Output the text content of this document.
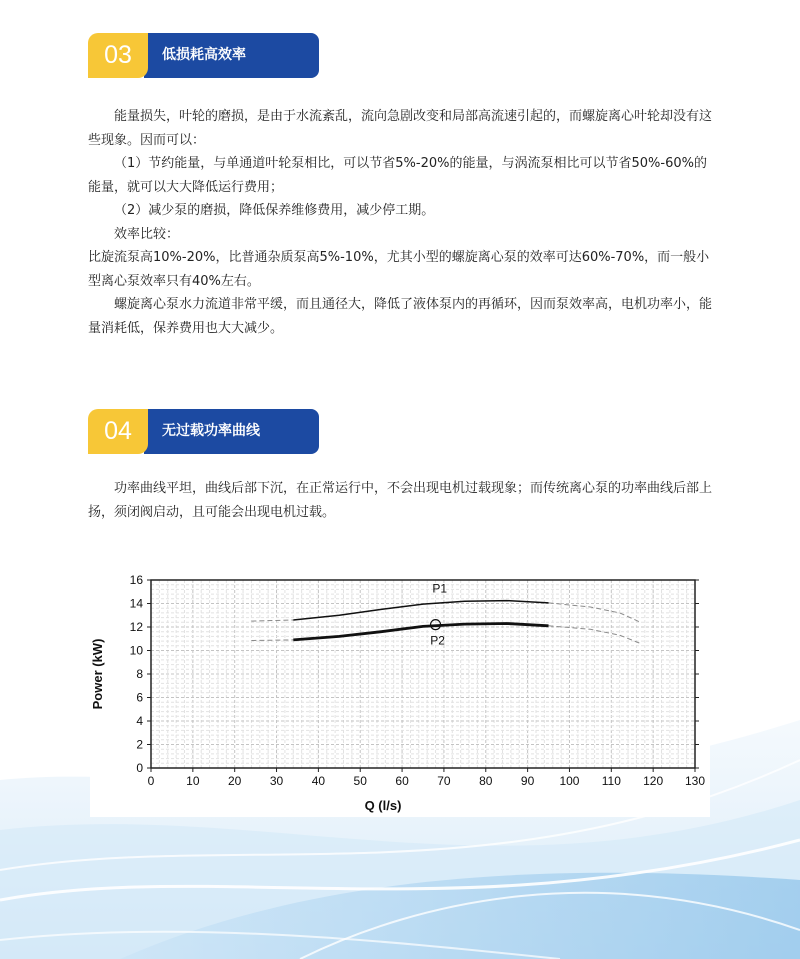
03	低损耗高效率

能量损失，叶轮的磨损，是由于水流紊乱，流向急剧改变和局部高流速引起的，而螺旋离心叶轮却没有这些现象。因而可以：

（1）节约能量，与单通道叶轮泵相比，可以节省5%-20%的能量，与涡流泵相比可以节省50%-60%的能量，就可以大大降低运行费用；

（2）减少泵的磨损，降低保养维修费用，减少停工期。

效率比较：

比旋流泵高10%-20%，比普通杂质泵高5%-10%，尤其小型的螺旋离心泵的效率可达60%-70%，而一般小型离心泵效率只有40%左右。

螺旋离心泵水力流道非常平缓，而且通径大，降低了液体泵内的再循环，因而泵效率高，电机功率小，能量消耗低，保养费用也大大减少。

04	无过载功率曲线

功率曲线平坦，曲线后部下沉，在正常运行中，不会出现电机过载现象；而传统离心泵的功率曲线后部上扬，须闭阀启动，且可能会出现电机过载。

0	10 20 30 40 50 60 70 80 90 100 110 120 130
0
2
4
6
8
10
12
14
16
Q (l/s)
Power (kW)
P1
P2
